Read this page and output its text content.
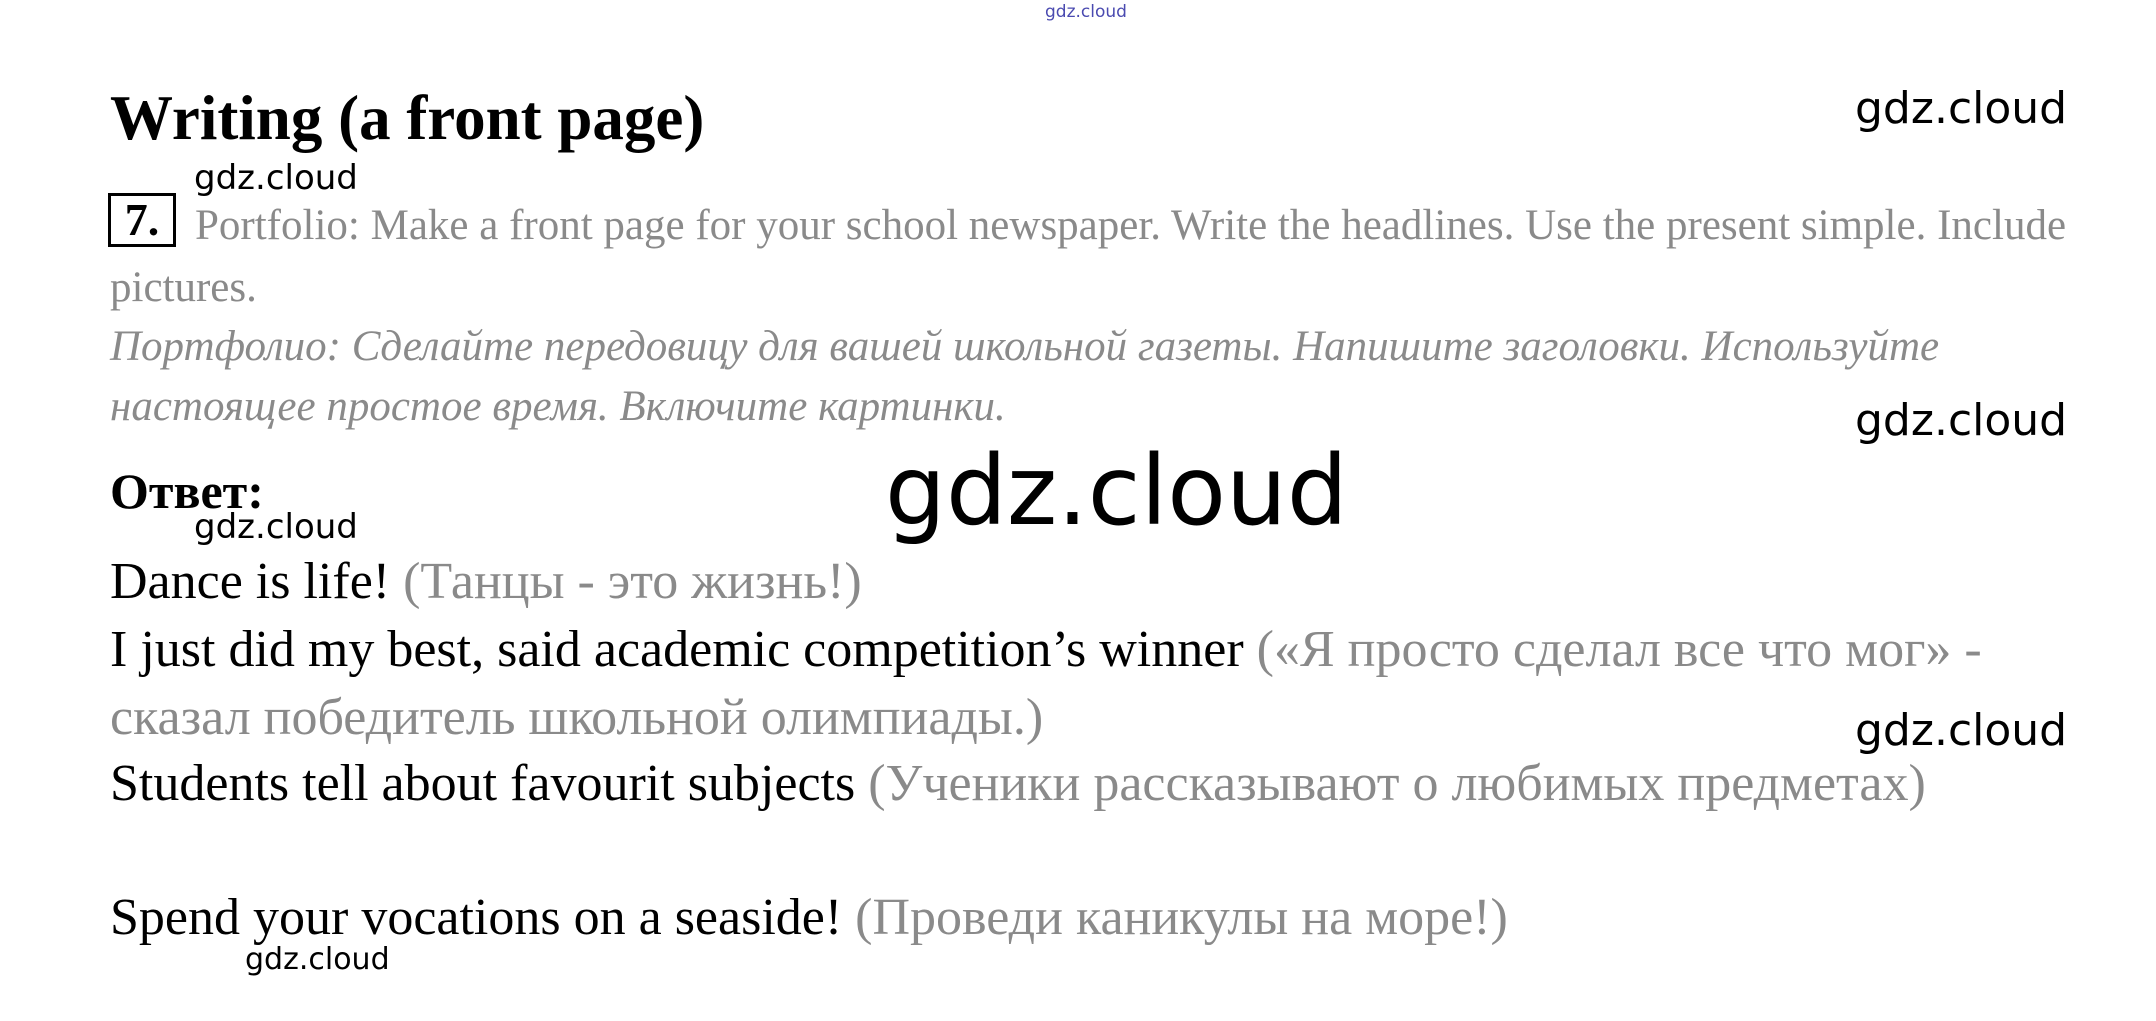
gdz.cloud
gdz.cloud
gdz.cloud
gdz.cloud
gdz.cloud
gdz.cloud	gdz.cloud
gdz.cloud
Writing (a front page)
Portfolio: Make a front page for your school newspaper. Write the headlines. Use the present simple. Include pictures.
7.
Портфолио: Сделайте передовицу для вашей школьной газеты. Напишите заголовки. Используйте настоящее простое время. Включите картинки.
Ответ:
Dance is life! (Танцы - это жизнь!)
I just did my best, said academic competition’s winner («Я просто сделал все что мог» - сказал победитель школьной олимпиады.)
Students tell about favourit subjects (Ученики рассказывают о любимых предметах)
Spend your vocations on a seaside! (Проведи каникулы на море!)
